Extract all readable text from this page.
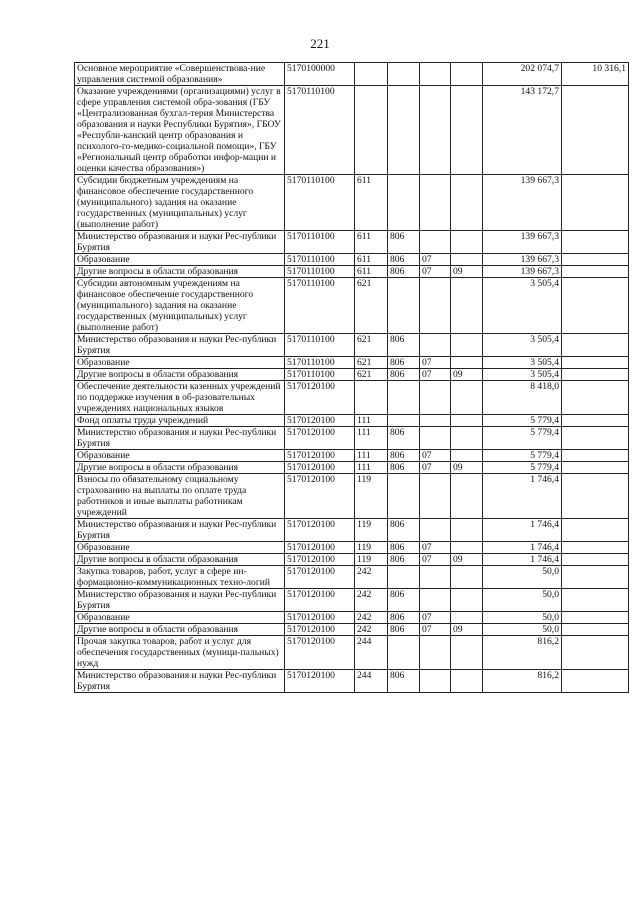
221
Основное мероприятие «Совершенствова-ние управления системой образования»	5170100000					202 074,7	10 316,1
Оказание учреждениями (организациями) услуг в сфере управления системой обра-зования (ГБУ «Централизованная бухгал-терия Министерства образования и науки Республики Бурятия», ГБОУ «Республи-канский центр образования и психолого-го-медико-социальной помощи», ГБУ «Региональный центр обработки инфор-мации и оценки качества образования»)	5170110100					143 172,7	
Субсидии бюджетным учреждениям на финансовое обеспечение государственного (муниципального) задания на оказание государственных (муниципальных) услуг (выполнение работ)	5170110100	611				139 667,3	
Министерство образования и науки Рес-публики Бурятия	5170110100	611	806			139 667,3	
Образование	5170110100	611	806	07		139 667,3	
Другие вопросы в области образования	5170110100	611	806	07	09	139 667,3	
Субсидии автономным учреждениям на финансовое обеспечение государственного (муниципального) задания на оказание государственных (муниципальных) услуг (выполнение работ)	5170110100	621				3 505,4	
Министерство образования и науки Рес-публики Бурятия	5170110100	621	806			3 505,4	
Образование	5170110100	621	806	07		3 505,4	
Другие вопросы в области образования	5170110100	621	806	07	09	3 505,4	
Обеспечение деятельности казенных учреждений по поддержке изучения в об-разовательных учреждениях национальных языков	5170120100					8 418,0	
Фонд оплаты труда учреждений	5170120100	111				5 779,4	
Министерство образования и науки Рес-публики Бурятия	5170120100	111	806			5 779,4	
Образование	5170120100	111	806	07		5 779,4	
Другие вопросы в области образования	5170120100	111	806	07	09	5 779,4	
Взносы по обязательному социальному страхованию на выплаты по оплате труда работников и иные выплаты работникам учреждений	5170120100	119				1 746,4	
Министерство образования и науки Рес-публики Бурятия	5170120100	119	806			1 746,4	
Образование	5170120100	119	806	07		1 746,4	
Другие вопросы в области образования	5170120100	119	806	07	09	1 746,4	
Закупка товаров, работ, услуг в сфере ин-формационно-коммуникационных техно-логий	5170120100	242				50,0	
Министерство образования и науки Рес-публики Бурятия	5170120100	242	806			50,0	
Образование	5170120100	242	806	07		50,0	
Другие вопросы в области образования	5170120100	242	806	07	09	50,0	
Прочая закупка товаров, работ и услуг для обеспечения государственных (муници-пальных) нужд	5170120100	244				816,2	
Министерство образования и науки Рес-публики Бурятия	5170120100	244	806			816,2	
